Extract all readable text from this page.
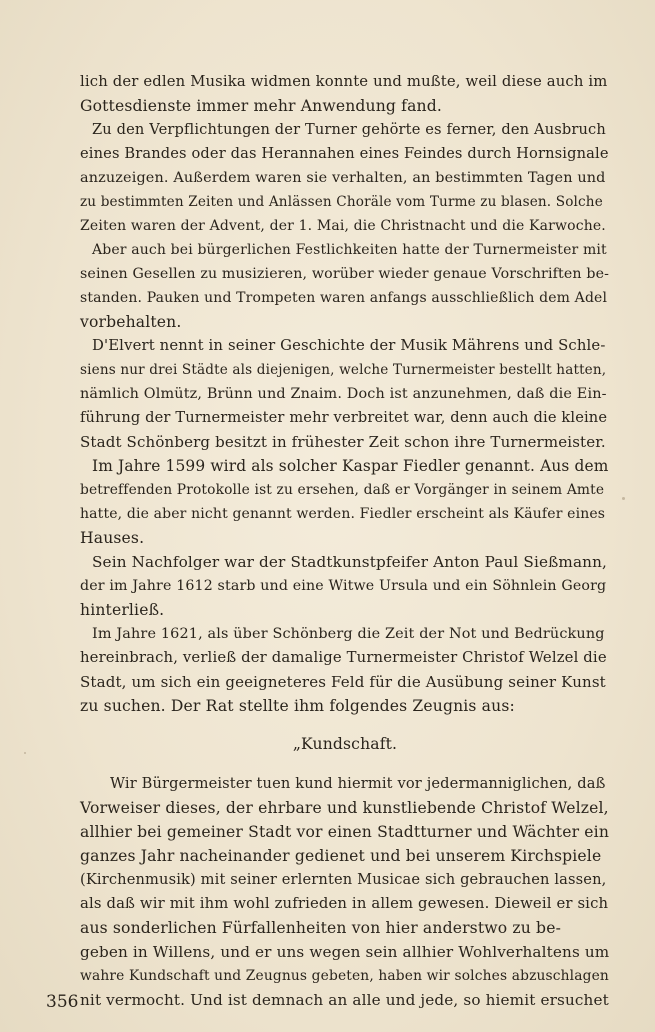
lich der edlen Musika widmen konnte und mußte, weil diese auch im
Gottesdienste immer mehr Anwendung fand.
Zu den Verpflichtungen der Turner gehörte es ferner, den Ausbruch
eines Brandes oder das Herannahen eines Feindes durch Hornsignale
anzuzeigen. Außerdem waren sie verhalten, an bestimmten Tagen und
zu bestimmten Zeiten und Anlässen Choräle vom Turme zu blasen. Solche
Zeiten waren der Advent, der 1. Mai, die Christnacht und die Karwoche.
Aber auch bei bürgerlichen Festlichkeiten hatte der Turnermeister mit
seinen Gesellen zu musizieren, worüber wieder genaue Vorschriften be-
standen. Pauken und Trompeten waren anfangs ausschließlich dem Adel
vorbehalten.
D'Elvert nennt in seiner Geschichte der Musik Mährens und Schle-
siens nur drei Städte als diejenigen, welche Turnermeister bestellt hatten,
nämlich Olmütz, Brünn und Znaim. Doch ist anzunehmen, daß die Ein-
führung der Turnermeister mehr verbreitet war, denn auch die kleine
Stadt Schönberg besitzt in frühester Zeit schon ihre Turnermeister.
Im Jahre 1599 wird als solcher Kaspar Fiedler genannt. Aus dem
betreffenden Protokolle ist zu ersehen, daß er Vorgänger in seinem Amte
hatte, die aber nicht genannt werden. Fiedler erscheint als Käufer eines
Hauses.
Sein Nachfolger war der Stadtkunstpfeifer Anton Paul Sießmann,
der im Jahre 1612 starb und eine Witwe Ursula und ein Söhnlein Georg
hinterließ.
Im Jahre 1621, als über Schönberg die Zeit der Not und Bedrückung
hereinbrach, verließ der damalige Turnermeister Christof Welzel die
Stadt, um sich ein geeigneteres Feld für die Ausübung seiner Kunst
zu suchen. Der Rat stellte ihm folgendes Zeugnis aus:
„Kundschaft.
Wir Bürgermeister tuen kund hiermit vor jedermanniglichen, daß
Vorweiser dieses, der ehrbare und kunstliebende Christof Welzel,
allhier bei gemeiner Stadt vor einen Stadtturner und Wächter ein
ganzes Jahr nacheinander gedienet und bei unserem Kirchspiele
(Kirchenmusik) mit seiner erlernten Musicae sich gebrauchen lassen,
als daß wir mit ihm wohl zufrieden in allem gewesen. Dieweil er sich
aus sonderlichen Fürfallenheiten von hier anderstwo zu be-
geben in Willens, und er uns wegen sein allhier Wohlverhaltens um
wahre Kundschaft und Zeugnus gebeten, haben wir solches abzuschlagen
nit vermocht. Und ist demnach an alle und jede, so hiemit ersuchet
356
